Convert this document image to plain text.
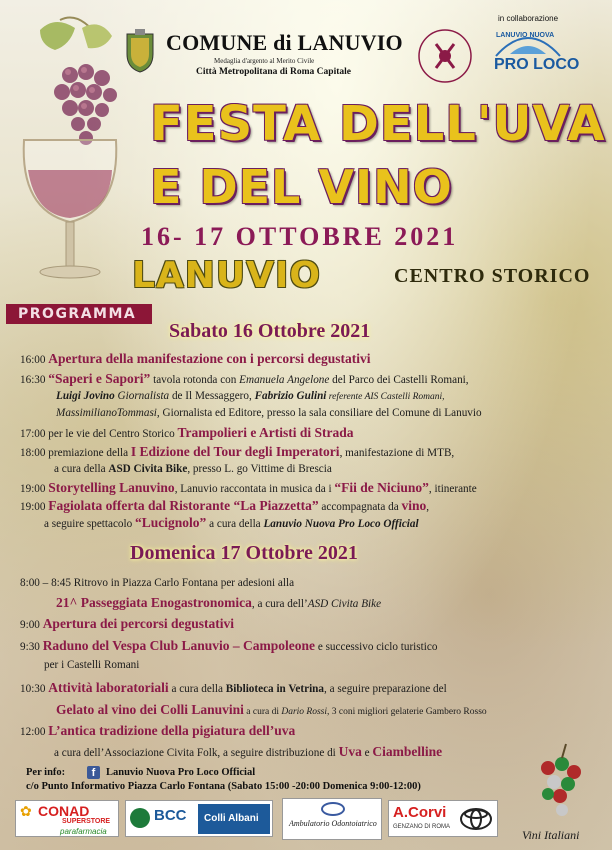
COMUNE di LANUVIO
Medaglia d'argento al Merito Civile
Città Metropolitana di Roma Capitale
in collaborazione
LANUVIO NUOVA
PRO LOCO
FESTA DELL'UVA
E DEL VINO
16- 17 OTTOBRE 2021
LANUVIO	CENTRO STORICO
PROGRAMMA
Sabato 16 Ottobre 2021
16:00 Apertura della manifestazione con i percorsi degustativi
16:30 “Saperi e Sapori” tavola rotonda con Emanuela Angelone del Parco dei Castelli Romani,
Luigi Jovino Giornalista de Il Messaggero, Fabrizio Gulini referente AIS Castelli Romani,
MassimilianoTommasi, Giornalista ed Editore, presso la sala consiliare del Comune di Lanuvio
17:00 per le vie del Centro Storico Trampolieri e Artisti di Strada
18:00 premiazione della I Edizione del Tour degli Imperatori, manifestazione di MTB,
a cura della ASD Civita Bike, presso L. go Vittime di Brescia
19:00 Storytelling Lanuvino, Lanuvio raccontata in musica da i “Fii de Niciuno”, itinerante
19:00 Fagiolata offerta dal Ristorante “La Piazzetta” accompagnata da vino,
a seguire spettacolo “Lucignolo” a cura della Lanuvio Nuova Pro Loco Official
Domenica 17 Ottobre 2021
8:00 – 8:45 Ritrovo in Piazza Carlo Fontana per adesioni alla
21^ Passeggiata Enogastronomica, a cura dell’ASD Civita Bike
9:00 Apertura dei percorsi degustativi
9:30 Raduno del Vespa Club Lanuvio – Campoleone e successivo ciclo turistico
per i Castelli Romani
10:30 Attività laboratoriali a cura della Biblioteca in Vetrina, a seguire preparazione del
Gelato al vino dei Colli Lanuvini a cura di Dario Rossi, 3 coni migliori gelaterie Gambero Rosso
12:00 L’antica tradizione della pigiatura dell’uva
a cura dell’Associazione Civita Folk, a seguire distribuzione di Uva e Ciambelline
Per info:	f	Lanuvio Nuova Pro Loco Official
c/o Punto Informativo Piazza Carlo Fontana (Sabato 15:00 -20:00 Domenica 9:00-12:00)
✿ CONAD
SUPERSTORE
parafarmacia
BCC	Colli Albani	Ambulatorio Odontoiatrico
A.Corvi
GENZANO DI ROMA
Vini Italiani
